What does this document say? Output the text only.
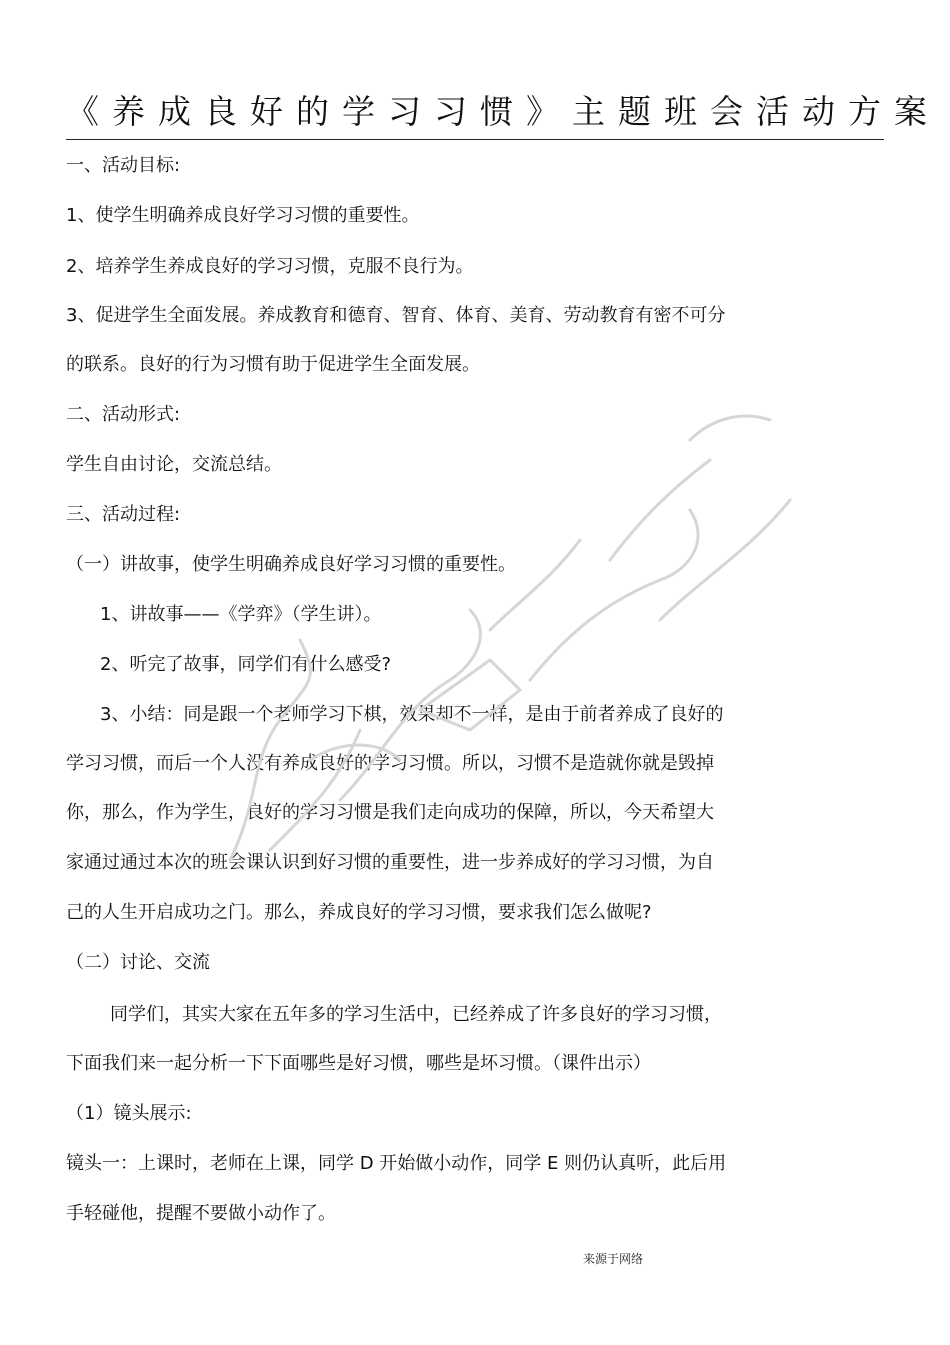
《养成良好的学习习惯》主题班会活动方案
一、活动目标:
1、使学生明确养成良好学习习惯的重要性。
2、培养学生养成良好的学习习惯，克服不良行为。
3、促进学生全面发展。养成教育和德育、智育、体育、美育、劳动教育有密不可分
的联系。良好的行为习惯有助于促进学生全面发展。
二、活动形式:
学生自由讨论，交流总结。
三、活动过程:
（一）讲故事，使学生明确养成良好学习习惯的重要性。
1、讲故事——《学弈》（学生讲）。
2、听完了故事，同学们有什么感受?
3、小结：同是跟一个老师学习下棋，效果却不一样，是由于前者养成了良好的
学习习惯，而后一个人没有养成良好的学习习惯。所以，习惯不是造就你就是毁掉
你，那么，作为学生，良好的学习习惯是我们走向成功的保障，所以，今天希望大
家通过通过本次的班会课认识到好习惯的重要性，进一步养成好的学习习惯，为自
己的人生开启成功之门。那么，养成良好的学习习惯，要求我们怎么做呢?
（二）讨论、交流
同学们，其实大家在五年多的学习生活中，已经养成了许多良好的学习习惯，
下面我们来一起分析一下下面哪些是好习惯，哪些是坏习惯。（课件出示）
（1）镜头展示:
镜头一：上课时，老师在上课，同学 D 开始做小动作，同学 E 则仍认真听，此后用
手轻碰他，提醒不要做小动作了。
来源于网络
